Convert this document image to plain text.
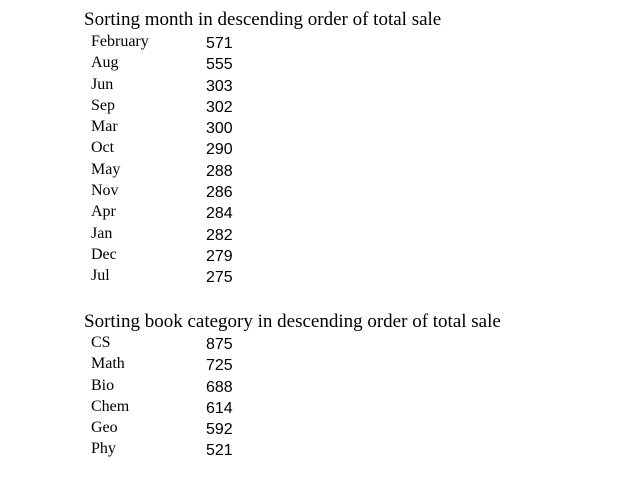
Sorting month in descending order of total sale
February	571
Aug	555
Jun	303
Sep	302
Mar	300
Oct	290
May	288
Nov	286
Apr	284
Jan	282
Dec	279
Jul	275
Sorting book category in descending order of total sale
CS	875
Math	725
Bio	688
Chem	614
Geo	592
Phy	521
